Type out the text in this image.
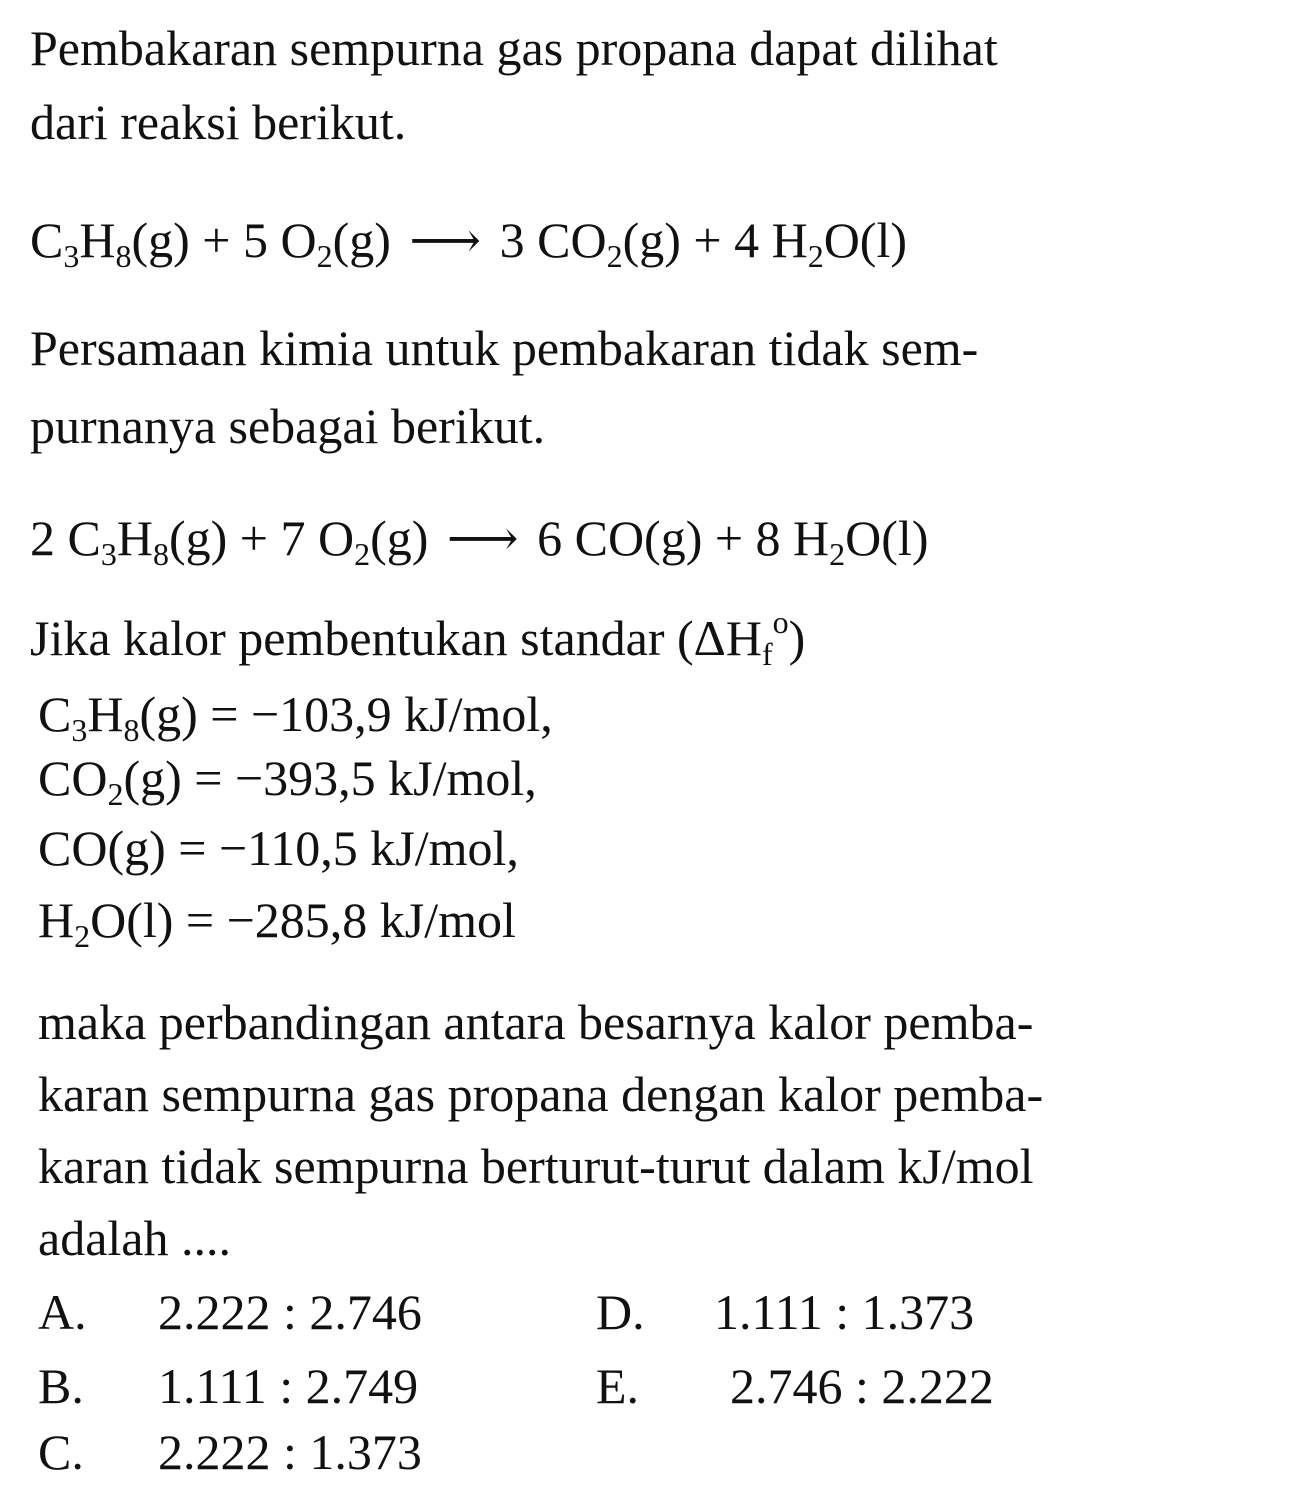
Pembakaran sempurna gas propana dapat dilihat
dari reaksi berikut.
$C_3H_8(g) + 5$ $O_2(g)$ ⟶ 3 $CO_2(g) + 4$ $H_2O(l)$
Persamaan kimia untuk pembakaran tidak sem-
purnanya sebagai berikut.
2 $C_3H_8(g) + 7$ $O_2(g)$ ⟶ 6 CO(g) + 8 $H_2O(l)$
Jika kalor pembentukan standar $(\Delta H_f^o)$
$C_3H_8(g) = -103,9$ kJ/mol,
$CO_2(g) = -393,5$ kJ/mol,
CO(g) = −110,5 kJ/mol,
$H_2O(l) = -285,8$ kJ/mol
maka perbandingan antara besarnya kalor pemba-
karan sempurna gas propana dengan kalor pemba-
karan tidak sempurna berturut-turut dalam kJ/mol
adalah ....
A. 2.222 : 2.746
B. 1.111 : 2.749
C. 2.222 : 1.373
D. 1.111 : 1.373
E. 2.746 : 2.222
